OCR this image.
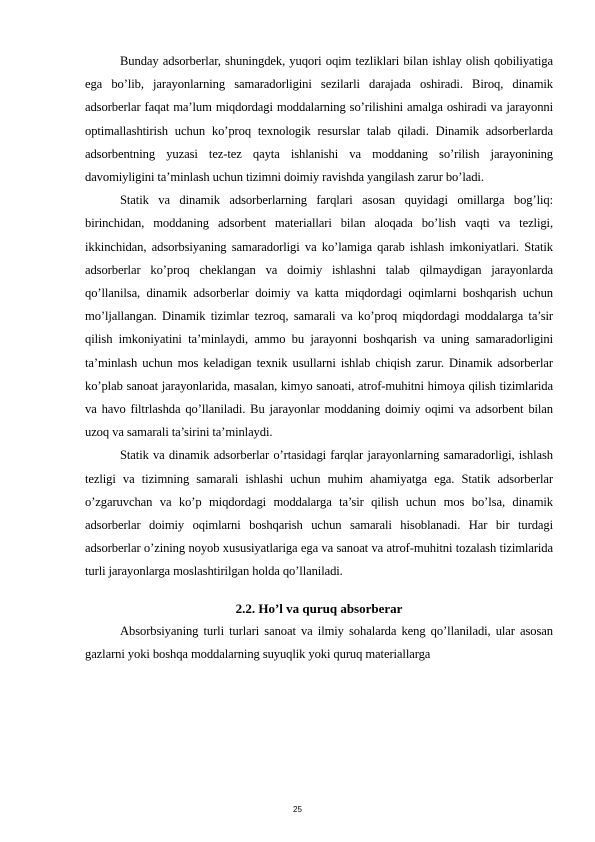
Bunday adsorberlar, shuningdek, yuqori oqim tezliklari bilan ishlay olish qobiliyatiga ega bo’lib, jarayonlarning samaradorligini sezilarli darajada oshiradi. Biroq, dinamik adsorberlar faqat ma’lum miqdordagi moddalarning so’rilishini amalga oshiradi va jarayonni optimallashtirish uchun ko’proq texnologik resurslar talab qiladi. Dinamik adsorberlarda adsorbentning yuzasi tez-tez qayta ishlanishi va moddaning so’rilish jarayonining davomiyligini ta’minlash uchun tizimni doimiy ravishda yangilash zarur bo’ladi.

Statik va dinamik adsorberlarning farqlari asosan quyidagi omillarga bog’liq: birinchidan, moddaning adsorbent materiallari bilan aloqada bo’lish vaqti va tezligi, ikkinchidan, adsorbsiyaning samaradorligi va ko’lamiga qarab ishlash imkoniyatlari. Statik adsorberlar ko’proq cheklangan va doimiy ishlashni talab qilmaydigan jarayonlarda qo’llanilsa, dinamik adsorberlar doimiy va katta miqdordagi oqimlarni boshqarish uchun mo’ljallangan. Dinamik tizimlar tezroq, samarali va ko’proq miqdordagi moddalarga ta’sir qilish imkoniyatini ta’minlaydi, ammo bu jarayonni boshqarish va uning samaradorligini ta’minlash uchun mos keladigan texnik usullarni ishlab chiqish zarur. Dinamik adsorberlar ko’plab sanoat jarayonlarida, masalan, kimyo sanoati, atrof-muhitni himoya qilish tizimlarida va havo filtrlashda qo’llaniladi. Bu jarayonlar moddaning doimiy oqimi va adsorbent bilan uzoq va samarali ta’sirini ta’minlaydi.

Statik va dinamik adsorberlar o’rtasidagi farqlar jarayonlarning samaradorligi, ishlash tezligi va tizimning samarali ishlashi uchun muhim ahamiyatga ega. Statik adsorberlar o’zgaruvchan va ko’p miqdordagi moddalarga ta’sir qilish uchun mos bo’lsa, dinamik adsorberlar doimiy oqimlarni boshqarish uchun samarali hisoblanadi. Har bir turdagi adsorberlar o’zining noyob xususiyatlariga ega va sanoat va atrof-muhitni tozalash tizimlarida turli jarayonlarga moslashtirilgan holda qo’llaniladi.

2.2. Ho’l va quruq absorberar

Absorbsiyaning turli turlari sanoat va ilmiy sohalarda keng qo’llaniladi, ular asosan gazlarni yoki boshqa moddalarning suyuqlik yoki quruq materiallarga

25
